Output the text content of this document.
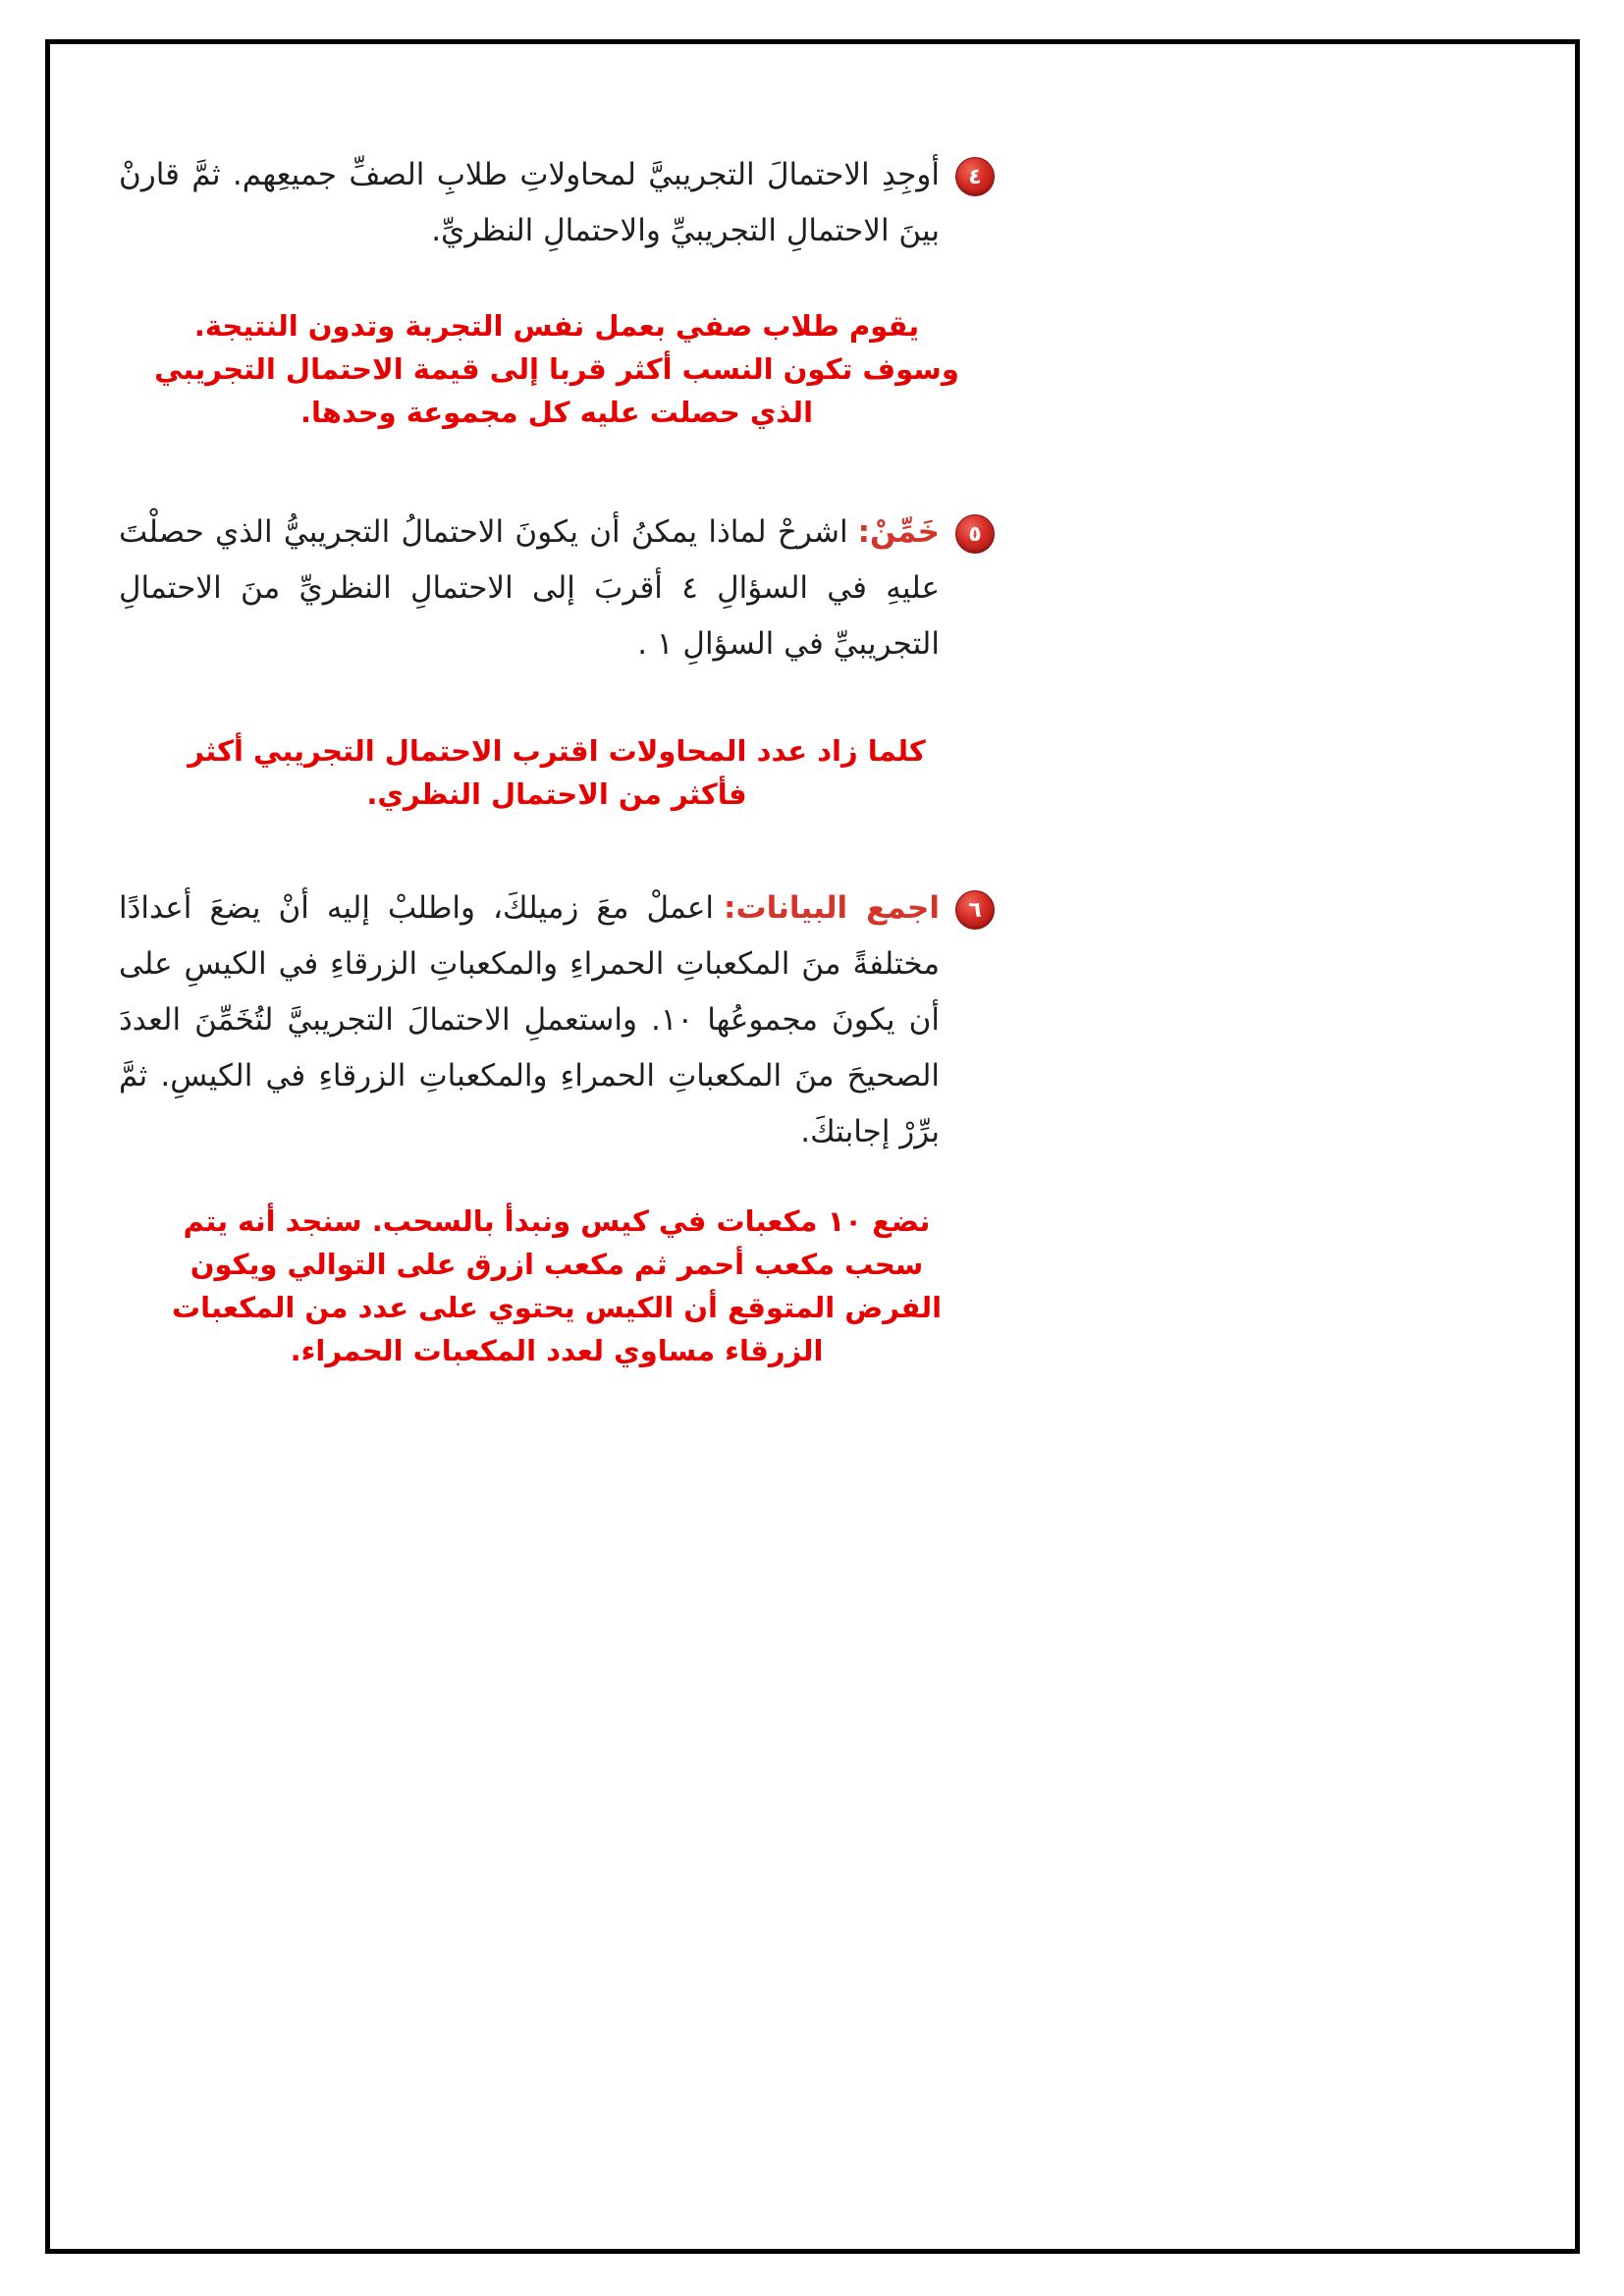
٤

أوجِدِ الاحتمالَ التجريبيَّ لمحاولاتِ طلابِ الصفِّ جميعِهم. ثمَّ قارنْ بينَ الاحتمالِ التجريبيِّ والاحتمالِ النظريِّ.

يقوم طلاب صفي بعمل نفس التجربة وتدون النتيجة. وسوف تكون النسب أكثر قربا إلى قيمة الاحتمال التجريبي الذي حصلت عليه كل مجموعة وحدها.

٥

خَمِّنْ:اشرحْ لماذا يمكنُ أن يكونَ الاحتمالُ التجريبيُّ الذي حصلْتَ عليهِ في السؤالِ ٤ أقربَ إلى الاحتمالِ النظريِّ منَ الاحتمالِ التجريبيِّ في السؤالِ ١ .

كلما زاد عدد المحاولات اقترب الاحتمال التجريبي أكثر فأكثر من الاحتمال النظري.

٦

اجمع البيانات:اعملْ معَ زميلكَ، واطلبْ إليه أنْ يضعَ أعدادًا مختلفةً منَ المكعباتِ الحمراءِ والمكعباتِ الزرقاءِ في الكيسِ على أن يكونَ مجموعُها ١٠. واستعملِ الاحتمالَ التجريبيَّ لتُخَمِّنَ العددَ الصحيحَ منَ المكعباتِ الحمراءِ والمكعباتِ الزرقاءِ في الكيسِ. ثمَّ برِّرْ إجابتكَ.

نضع ١٠ مكعبات في كيس ونبدأ بالسحب. سنجد أنه يتم سحب مكعب أحمر ثم مكعب ازرق على التوالي ويكون الفرض المتوقع أن الكيس يحتوي على عدد من المكعبات الزرقاء مساوي لعدد المكعبات الحمراء.
